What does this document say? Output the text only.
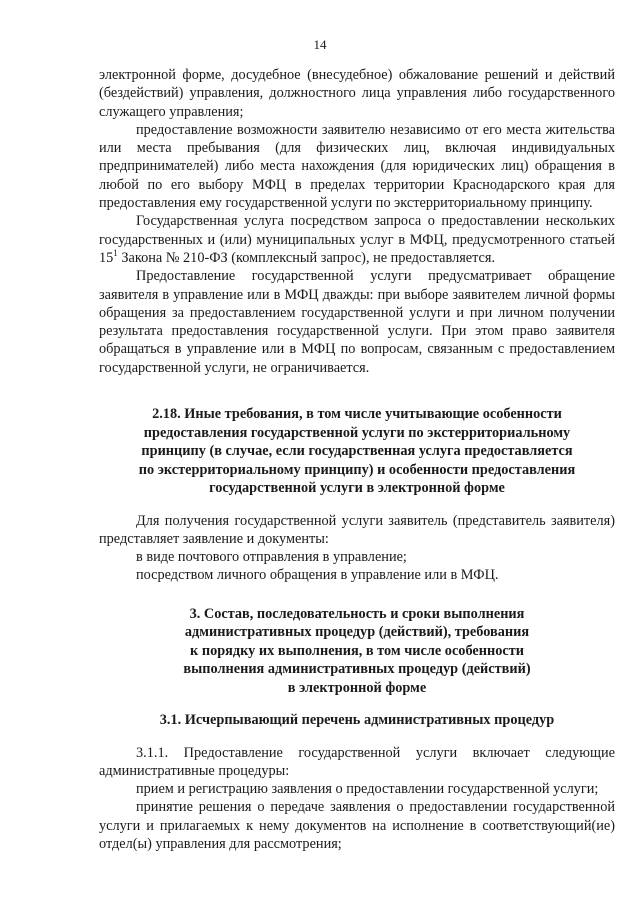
14

электронной форме, досудебное (внесудебное) обжалование решений и действий (бездействий) управления, должностного лица управления либо государственного служащего управления;

предоставление возможности заявителю независимо от его места жительства или места пребывания (для физических лиц, включая индивидуальных предпринимателей) либо места нахождения (для юридических лиц) обращения в любой по его выбору МФЦ в пределах территории Краснодарского края для предоставления ему государственной услуги по экстерриториальному принципу.

Государственная услуга посредством запроса о предоставлении нескольких государственных и (или) муниципальных услуг в МФЦ, предусмотренного статьей $15^1$ Закона № 210-ФЗ (комплексный запрос), не предоставляется.

Предоставление государственной услуги предусматривает обращение заявителя в управление или в МФЦ дважды: при выборе заявителем личной формы обращения за предоставлением государственной услуги и при личном получении результата предоставления государственной услуги. При этом право заявителя обращаться в управление или в МФЦ по вопросам, связанным с предоставлением государственной услуги, не ограничивается.

2.18. Иные требования, в том числе учитывающие особенности
предоставления государственной услуги по экстерриториальному
принципу (в случае, если государственная услуга предоставляется
по экстерриториальному принципу) и особенности предоставления
государственной услуги в электронной форме

Для получения государственной услуги заявитель (представитель заявителя) представляет заявление и документы:

в виде почтового отправления в управление;

посредством личного обращения в управление или в МФЦ.

3. Состав, последовательность и сроки выполнения
административных процедур (действий), требования
к порядку их выполнения, в том числе особенности
выполнения административных процедур (действий)
в электронной форме
3.1. Исчерпывающий перечень административных процедур

3.1.1. Предоставление государственной услуги включает следующие административные процедуры:

прием и регистрацию заявления о предоставлении государственной услуги;

принятие решения о передаче заявления о предоставлении государственной услуги и прилагаемых к нему документов на исполнение в соответствующий(ие) отдел(ы) управления для рассмотрения;
